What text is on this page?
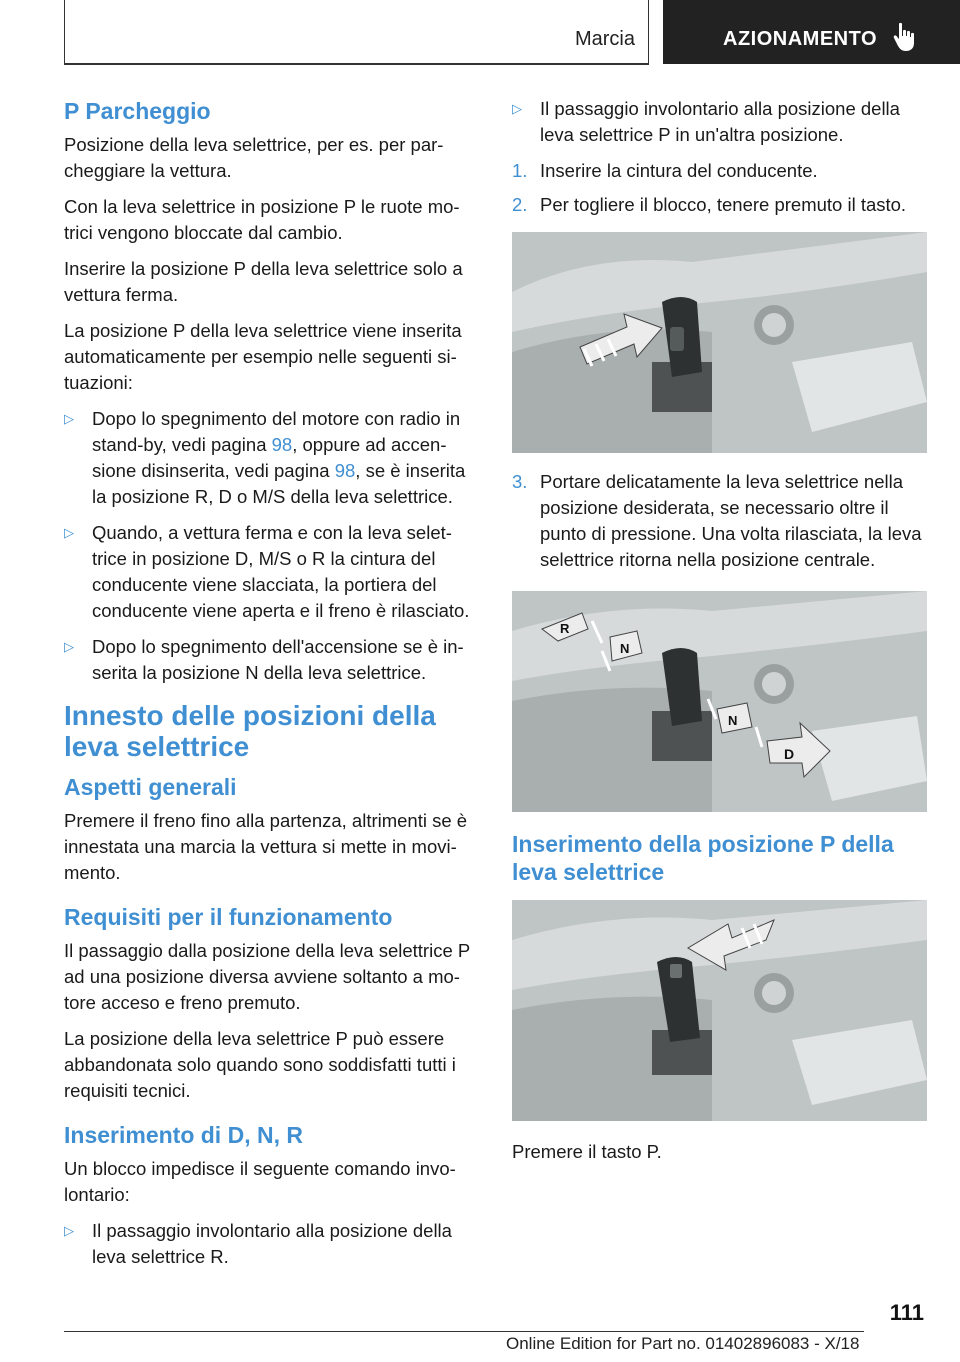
Marcia	AZIONAMENTO
P Parcheggio

Posizione della leva selettrice, per es. per parcheggiare la vettura.

Con la leva selettrice in posizione P le ruote motrici vengono bloccate dal cambio.

Inserire la posizione P della leva selettrice solo a vettura ferma.

La posizione P della leva selettrice viene inserita automaticamente per esempio nelle seguenti situazioni:

▷ Dopo lo spegnimento del motore con radio in stand-by, vedi pagina 98, oppure ad accensione disinserita, vedi pagina 98, se è inserita la posizione R, D o M/S della leva selettrice.
▷ Quando, a vettura ferma e con la leva selettrice in posizione D, M/S o R la cintura del conducente viene slacciata, la portiera del conducente viene aperta e il freno è rilasciato.
▷ Dopo lo spegnimento dell'accensione se è inserita la posizione N della leva selettrice.
Innesto delle posizioni della leva selettrice
Aspetti generali

Premere il freno fino alla partenza, altrimenti se è innestata una marcia la vettura si mette in movimento.

Requisiti per il funzionamento

Il passaggio dalla posizione della leva selettrice P ad una posizione diversa avviene soltanto a motore acceso e freno premuto.

La posizione della leva selettrice P può essere abbandonata solo quando sono soddisfatti tutti i requisiti tecnici.

Inserimento di D, N, R

Un blocco impedisce il seguente comando involontario:

▷ Il passaggio involontario alla posizione della leva selettrice R.
▷ Il passaggio involontario alla posizione della leva selettrice P in un'altra posizione.
1. Inserire la cintura del conducente.
2. Per togliere il blocco, tenere premuto il tasto.
3. Portare delicatamente la leva selettrice nella posizione desiderata, se necessario oltre il punto di pressione. Una volta rilasciata, la leva selettrice ritorna nella posizione centrale.
R
N
N
D
Inserimento della posizione P della leva selettrice

Premere il tasto P.

111
Online Edition for Part no. 01402896083 - X/18
